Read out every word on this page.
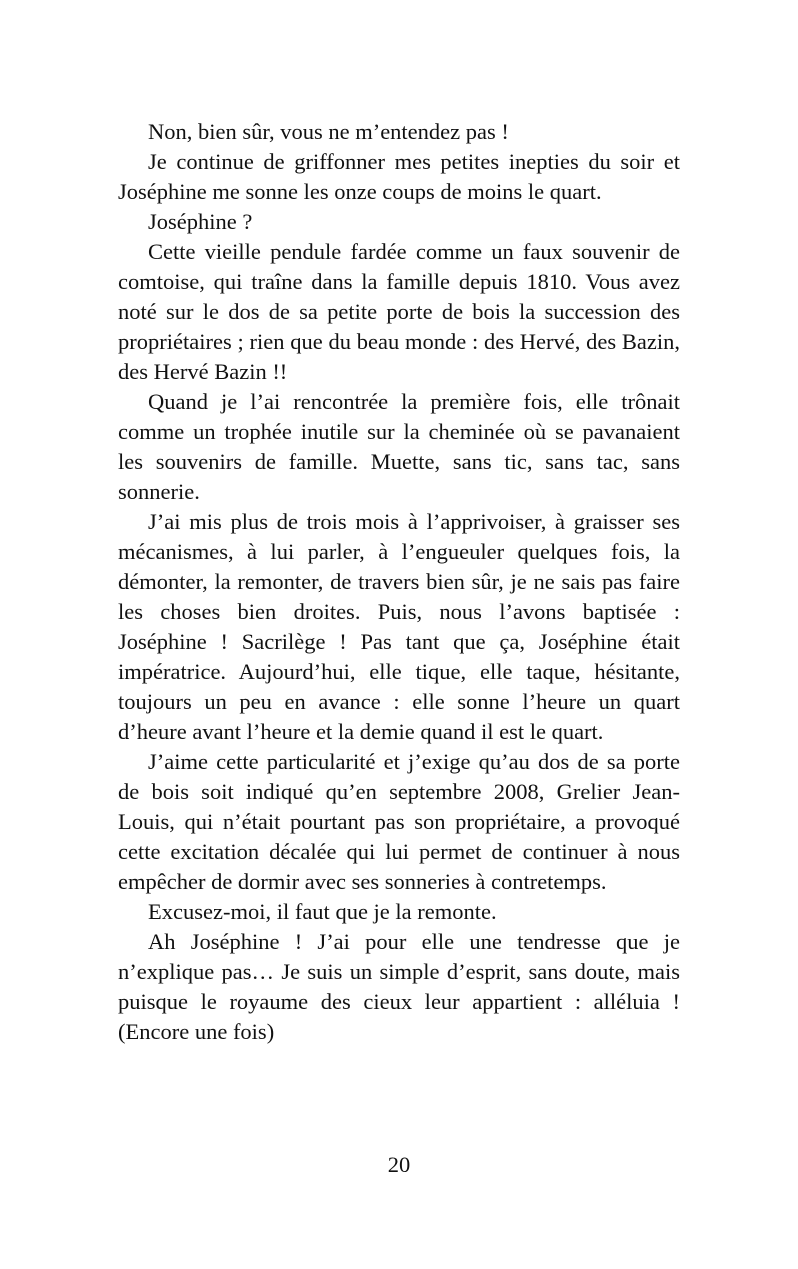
Non, bien sûr, vous ne m’entendez pas !

Je continue de griffonner mes petites inepties du soir et Joséphine me sonne les onze coups de moins le quart.

Joséphine ?

Cette vieille pendule fardée comme un faux souvenir de comtoise, qui traîne dans la famille depuis 1810. Vous avez noté sur le dos de sa petite porte de bois la succession des propriétaires ; rien que du beau monde : des Hervé, des Bazin, des Hervé Bazin !!

Quand je l’ai rencontrée la première fois, elle trônait comme un trophée inutile sur la cheminée où se pavanaient les souvenirs de famille. Muette, sans tic, sans tac, sans sonnerie.

J’ai mis plus de trois mois à l’apprivoiser, à graisser ses mécanismes, à lui parler, à l’engueuler quelques fois, la démonter, la remonter, de travers bien sûr, je ne sais pas faire les choses bien droites. Puis, nous l’avons baptisée : Joséphine ! Sacrilège ! Pas tant que ça, Joséphine était impératrice. Aujourd’hui, elle tique, elle taque, hésitante, toujours un peu en avance : elle sonne l’heure un quart d’heure avant l’heure et la demie quand il est le quart.

J’aime cette particularité et j’exige qu’au dos de sa porte de bois soit indiqué qu’en septembre 2008, Grelier Jean-Louis, qui n’était pourtant pas son propriétaire, a provoqué cette excitation décalée qui lui permet de continuer à nous empêcher de dormir avec ses sonneries à contretemps.

Excusez-moi, il faut que je la remonte.

Ah Joséphine ! J’ai pour elle une tendresse que je n’explique pas… Je suis un simple d’esprit, sans doute, mais puisque le royaume des cieux leur appartient : alléluia ! (Encore une fois)

20
